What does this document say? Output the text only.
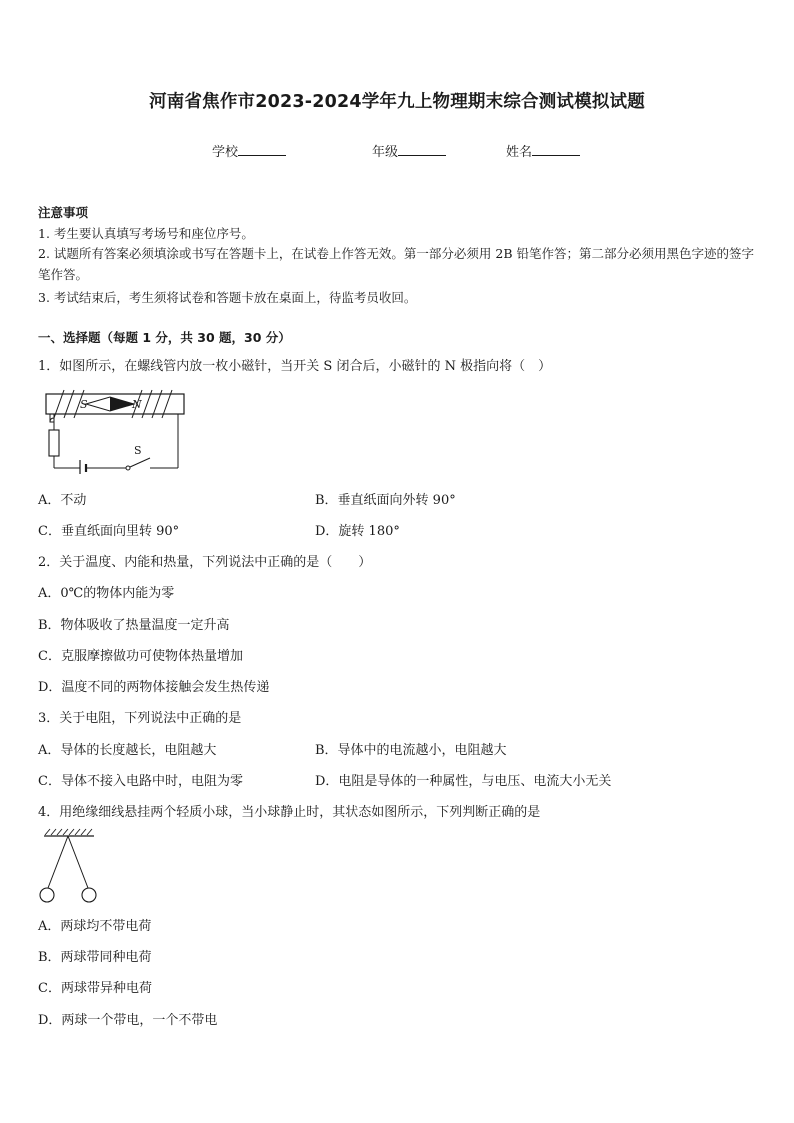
河南省焦作市2023-2024学年九上物理期末综合测试模拟试题
学校	年级	姓名
注意事项
1. 考生要认真填写考场号和座位序号。
2. 试题所有答案必须填涂或书写在答题卡上，在试卷上作答无效。第一部分必须用 2B 铅笔作答；第二部分必须用黑色字迹的签字笔作答。
3. 考试结束后，考生须将试卷和答题卡放在桌面上，待监考员收回。
一、选择题（每题 1 分，共 30 题，30 分）
1．如图所示，在螺线管内放一枚小磁针，当开关 S 闭合后，小磁针的 N 极指向将（　）
S	N
S
A．不动	B．垂直纸面向外转 90°
C．垂直纸面向里转 90°	D．旋转 180°
2．关于温度、内能和热量，下列说法中正确的是（　　）
A．0℃的物体内能为零
B．物体吸收了热量温度一定升高
C．克服摩擦做功可使物体热量增加
D．温度不同的两物体接触会发生热传递
3．关于电阻，下列说法中正确的是
A．导体的长度越长，电阻越大	B．导体中的电流越小，电阻越大
C．导体不接入电路中时，电阻为零	D．电阻是导体的一种属性，与电压、电流大小无关
4．用绝缘细线悬挂两个轻质小球，当小球静止时，其状态如图所示，下列判断正确的是
A．两球均不带电荷
B．两球带同种电荷
C．两球带异种电荷
D．两球一个带电，一个不带电
